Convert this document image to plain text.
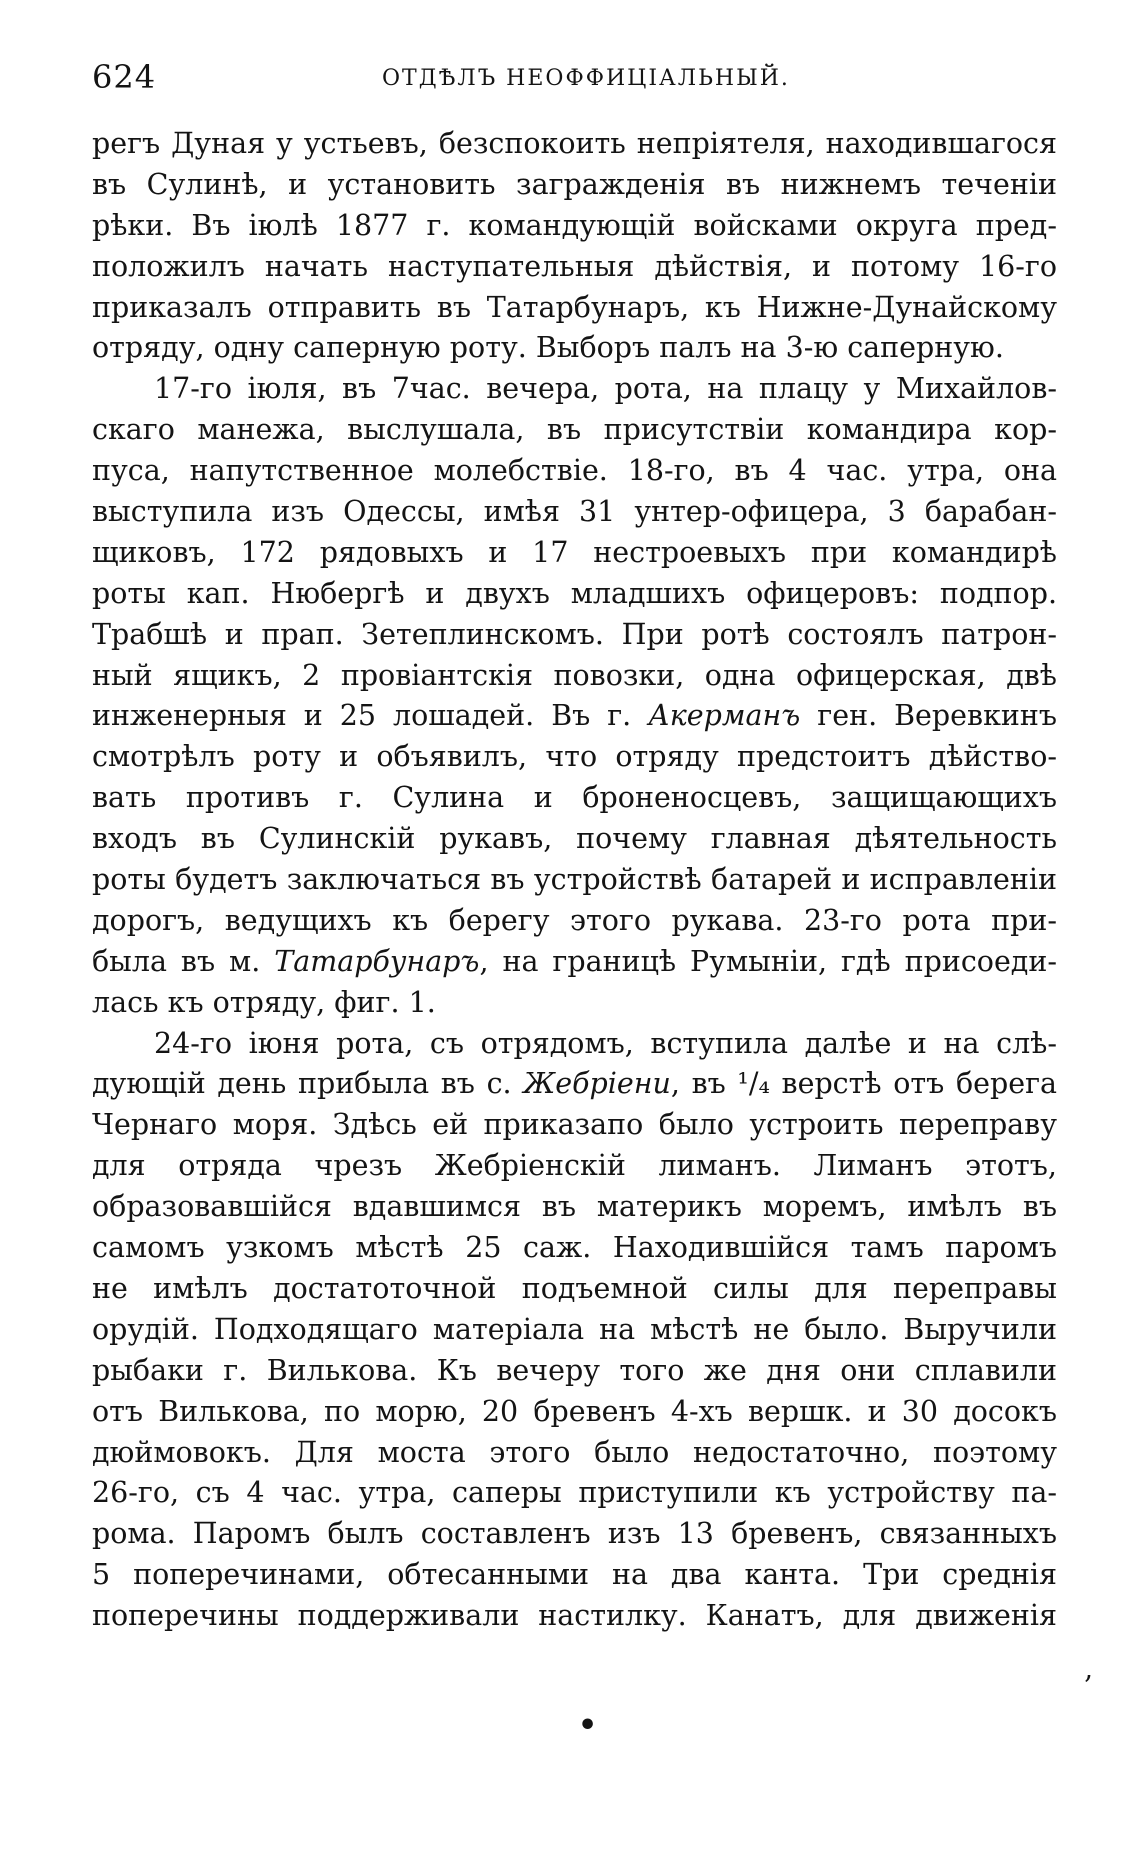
624	ОТДѢЛЪ НЕОФФИЦІАЛЬНЫЙ.
регъ Дуная у устьевъ, безспокоить непріятеля, находившагося
въ Сулинѣ, и установить загражденія въ нижнемъ теченіи
рѣки. Въ іюлѣ 1877 г. командующій войсками округа пред-
положилъ начать наступательныя дѣйствія, и потому 16-го
приказалъ отправить въ Татарбунаръ, къ Нижне-Дунайскому
отряду, одну саперную роту. Выборъ палъ на 3-ю саперную.
17-го іюля, въ 7час. вечера, рота, на плацу у Михайлов-
скаго манежа, выслушала, въ присутствіи командира кор-
пуса, напутственное молебствіе. 18-го, въ 4 час. утра, она
выступила изъ Одессы, имѣя 31 унтер-офицера, 3 барабан-
щиковъ, 172 рядовыхъ и 17 нестроевыхъ при командирѣ
роты кап. Нюбергѣ и двухъ младшихъ офицеровъ: подпор.
Трабшѣ и прап. Зетеплинскомъ. При ротѣ состоялъ патрон-
ный ящикъ, 2 провіантскія повозки, одна офицерская, двѣ
инженерныя и 25 лошадей. Въ г. Акерманъ ген. Веревкинъ
смотрѣлъ роту и объявилъ, что отряду предстоитъ дѣйство-
вать противъ г. Сулина и броненосцевъ, защищающихъ
входъ въ Сулинскій рукавъ, почему главная дѣятельность
роты будетъ заключаться въ устройствѣ батарей и исправленіи
дорогъ, ведущихъ къ берегу этого рукава. 23-го рота при-
была въ м. Татарбунаръ, на границѣ Румыніи, гдѣ присоеди-
лась къ отряду, фиг. 1.
24-го іюня рота, съ отрядомъ, вступила далѣе и на слѣ-
дующій день прибыла въ с. Жебріени, въ ¹/₄ верстѣ отъ берега
Чернаго моря. Здѣсь ей приказапо было устроить переправу
для отряда чрезъ Жебріенскій лиманъ. Лиманъ этотъ,
образовавшійся вдавшимся въ материкъ моремъ, имѣлъ въ
самомъ узкомъ мѣстѣ 25 саж. Находившійся тамъ паромъ
не имѣлъ достатоточной подъемной силы для переправы
орудій. Подходящаго матеріала на мѣстѣ не было. Выручили
рыбаки г. Вилькова. Къ вечеру того же дня они сплавили
отъ Вилькова, по морю, 20 бревенъ 4-хъ вершк. и 30 досокъ
дюймовокъ. Для моста этого было недостаточно, поэтому
26-го, съ 4 час. утра, саперы приступили къ устройству па-
рома. Паромъ былъ составленъ изъ 13 бревенъ, связанныхъ
5 поперечинами, обтесанными на два канта. Три среднія
поперечины поддерживали настилку. Канатъ, для движенія
‚
•
